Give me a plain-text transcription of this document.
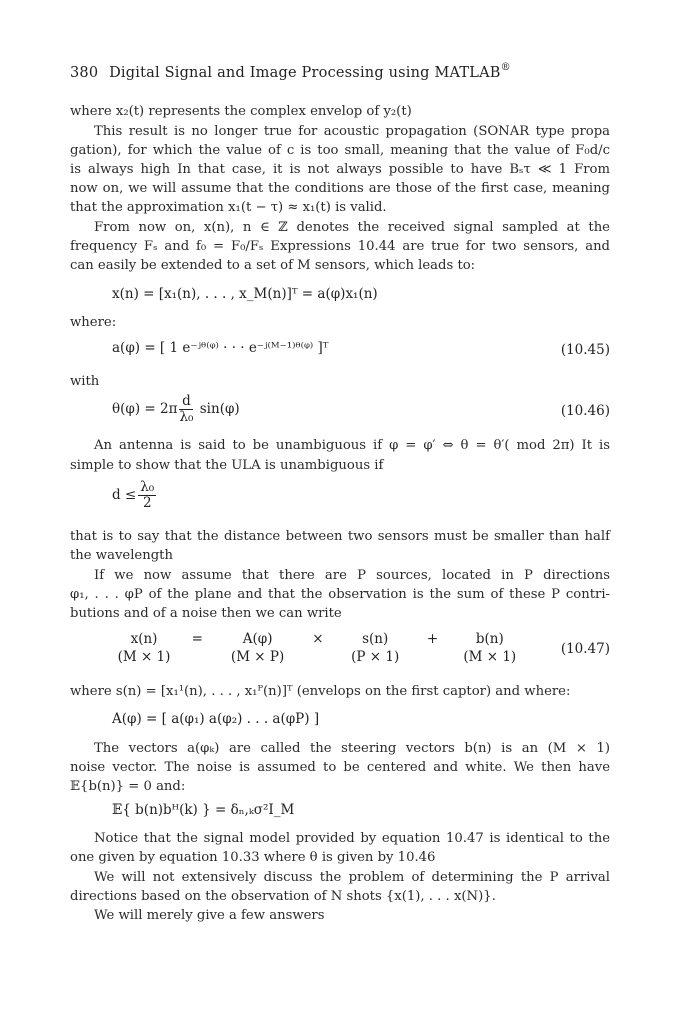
380 Digital Signal and Image Processing using MATLAB®
where x₂(t) represents the complex envelop of y₂(t)
This result is no longer true for acoustic propagation (SONAR type propa
gation), for which the value of c is too small, meaning that the value of F₀d/c
is always high In that case, it is not always possible to have Bₛτ ≪ 1 From
now on, we will assume that the conditions are those of the first case, meaning
that the approximation x₁(t − τ) ≈ x₁(t) is valid.
From now on, x(n), n ∈ ℤ denotes the received signal sampled at the
frequency Fₛ and f₀ = F₀/Fₛ Expressions 10.44 are true for two sensors, and
can easily be extended to a set of M sensors, which leads to:
x(n) = [x₁(n), . . . , x_M(n)]ᵀ = a(φ)x₁(n)
where:
a(φ) = [ 1 e⁻ʲᶿ⁽ᵠ⁾ · · · e⁻ʲ⁽ᴹ⁻¹⁾ᶿ⁽ᵠ⁾ ]ᵀ	(10.45)
with
$\theta(\varphi) = 2\pi \frac{d}{\text{λ₀}} \sin(\varphi)$	(10.46)
An antenna is said to be unambiguous if φ = φ′ ⇔ θ = θ′( mod 2π) It is
simple to show that the ULA is unambiguous if
$d \le \frac{\text{λ₀}}{2}$
that is to say that the distance between two sensors must be smaller than half
the wavelength
If we now assume that there are P sources, located in P directions
φ₁, . . . φP of the plane and that the observation is the sum of these P contri-
butions and of a noise then we can write
x(n)	=	A(φ)	×	s(n)	+	b(n)
(M × 1)	(M × P)	(P × 1)	(M × 1)	(10.47)
where s(n) = [x₁¹(n), . . . , x₁ᴾ(n)]ᵀ (envelops on the first captor) and where:
A(φ) = [ a(φ₁) a(φ₂) . . . a(φP) ]
The vectors a(φₖ) are called the steering vectors b(n) is an (M × 1)
noise vector. The noise is assumed to be centered and white. We then have
𝔼{b(n)} = 0 and:
𝔼{ b(n)bᴴ(k) } = δₙ,ₖσ²I_M
Notice that the signal model provided by equation 10.47 is identical to the
one given by equation 10.33 where θ is given by 10.46
We will not extensively discuss the problem of determining the P arrival
directions based on the observation of N shots {x(1), . . . x(N)}.
We will merely give a few answers
